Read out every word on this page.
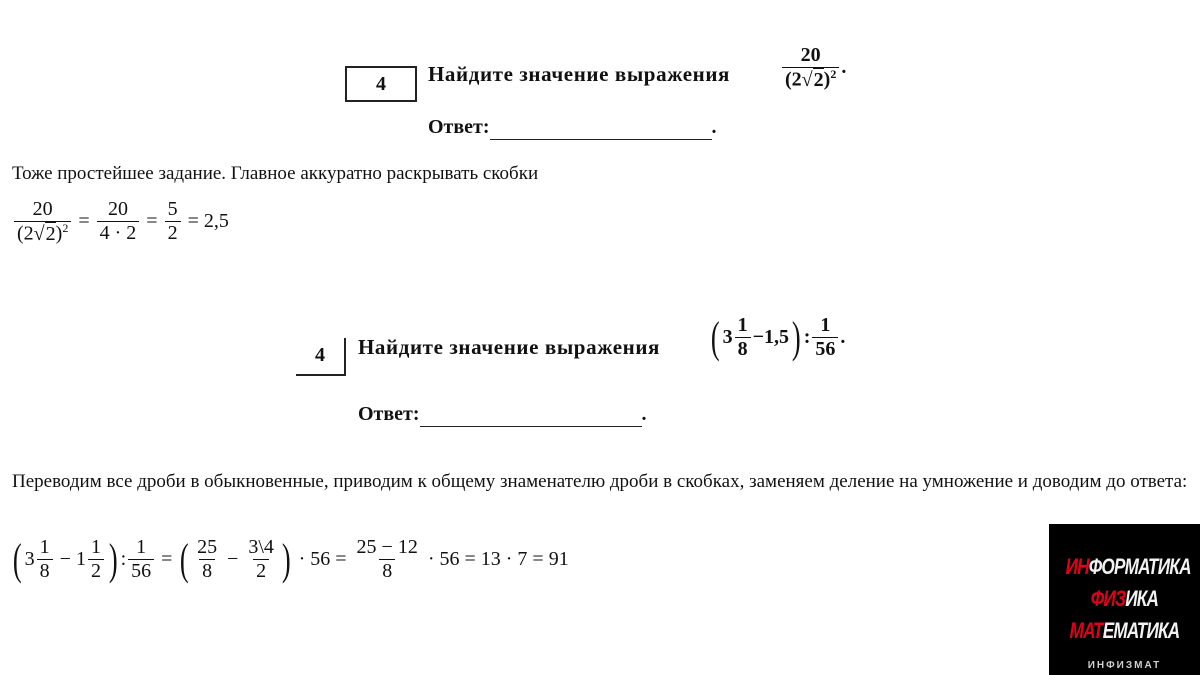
4	Найдите значение выражения	$\frac{20}{(2√2)^2}$ .
Ответ:	.
Тоже простейшее задание. Главное аккуратно раскрывать скобки
$\frac{20}{(2√2)^2} = \frac{20}{4 \cdot 2} = \frac{5}{2} = 2,5$
4	Найдите значение выражения ( $3 \frac{1}{8} -1,5$ ) : $\frac{1}{56}$ .
Ответ:	.
Переводим все дроби в обыкновенные, приводим к общему знаменателю дроби в скобках, заменяем деление на умножение и доводим до ответа:
( $3 \frac{1}{8} - 1 \frac{1}{2}$ ) : $\frac{1}{56}$ = ( $\frac{25}{8} - \frac{3\backslash 4}{2}$ ) · $56 = \frac{25 - 12}{8} \cdot 56 = 13 \cdot 7 = 91$	ИНФОРМАТИКА
ФИЗИКА
МАТЕМАТИКА
ИНФИЗМАТ
